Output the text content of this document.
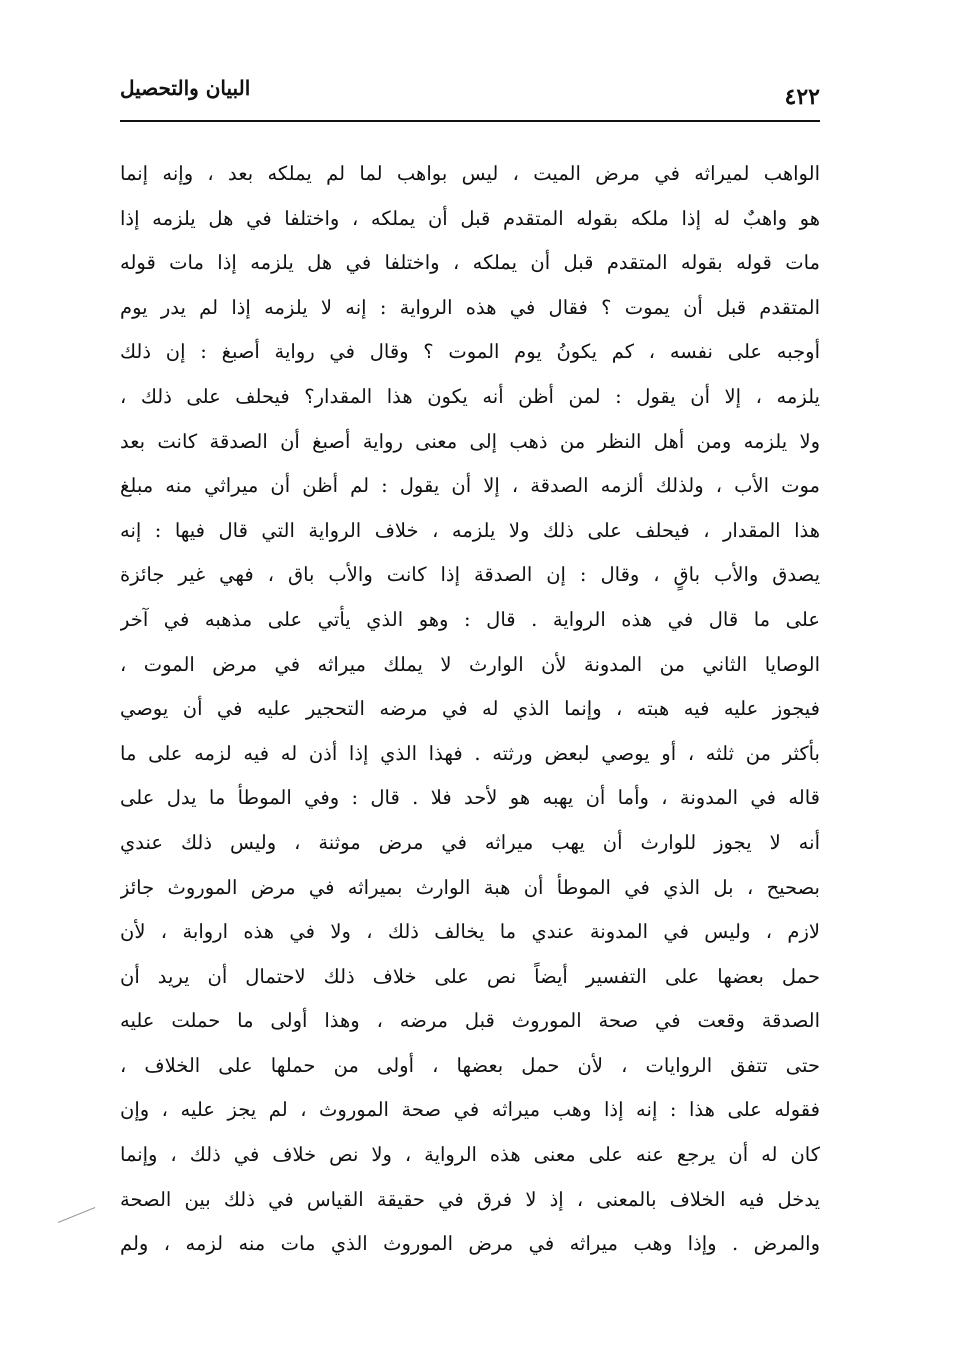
٤٢٢
البيان والتحصيل
الواهب لميراثه في مرض الميت ، ليس بواهب لما لم يملكه بعد ، وإنه إنما
هو واهبٌ له إذا ملكه بقوله المتقدم قبل أن يملكه ، واختلفا في هل يلزمه إذا
مات قوله بقوله المتقدم قبل أن يملكه ، واختلفا في هل يلزمه إذا مات قوله
المتقدم قبل أن يموت ؟ فقال في هذه الرواية : إنه لا يلزمه إذا لم يدر يوم
أوجبه على نفسه ، كم يكونُ يوم الموت ؟ وقال في رواية أصبغ : إن ذلك
يلزمه ، إلا أن يقول : لمن أظن أنه يكون هذا المقدار؟ فيحلف على ذلك ،
ولا يلزمه ومن أهل النظر من ذهب إلى معنى رواية أصبغ أن الصدقة كانت بعد
موت الأب ، ولذلك ألزمه الصدقة ، إلا أن يقول : لم أظن أن ميراثي منه مبلغ
هذا المقدار ، فيحلف على ذلك ولا يلزمه ، خلاف الرواية التي قال فيها : إنه
يصدق والأب باقٍ ، وقال : إن الصدقة إذا كانت والأب باق ، فهي غير جائزة
على ما قال في هذه الرواية . قال : وهو الذي يأتي على مذهبه في آخر
الوصايا الثاني من المدونة لأن الوارث لا يملك ميراثه في مرض الموت ،
فيجوز عليه فيه هبته ، وإنما الذي له في مرضه التحجير عليه في أن يوصي
بأكثر من ثلثه ، أو يوصي لبعض ورثته . فهذا الذي إذا أذن له فيه لزمه على ما
قاله في المدونة ، وأما أن يهبه هو لأحد فلا . قال : وفي الموطأ ما يدل على
أنه لا يجوز للوارث أن يهب ميراثه في مرض موثنة ، وليس ذلك عندي
بصحيح ، بل الذي في الموطأ أن هبة الوارث بميراثه في مرض الموروث جائز
لازم ، وليس في المدونة عندي ما يخالف ذلك ، ولا في هذه اروابة ، لأن
حمل بعضها على التفسير أيضاً نص على خلاف ذلك لاحتمال أن يريد أن
الصدقة وقعت في صحة الموروث قبل مرضه ، وهذا أولى ما حملت عليه
حتى تتفق الروايات ، لأن حمل بعضها ، أولى من حملها على الخلاف ،
فقوله على هذا : إنه إذا وهب ميراثه في صحة الموروث ، لم يجز عليه ، وإن
كان له أن يرجع عنه على معنى هذه الرواية ، ولا نص خلاف في ذلك ، وإنما
يدخل فيه الخلاف بالمعنى ، إذ لا فرق في حقيقة القياس في ذلك بين الصحة
والمرض . وإذا وهب ميراثه في مرض الموروث الذي مات منه لزمه ، ولم
